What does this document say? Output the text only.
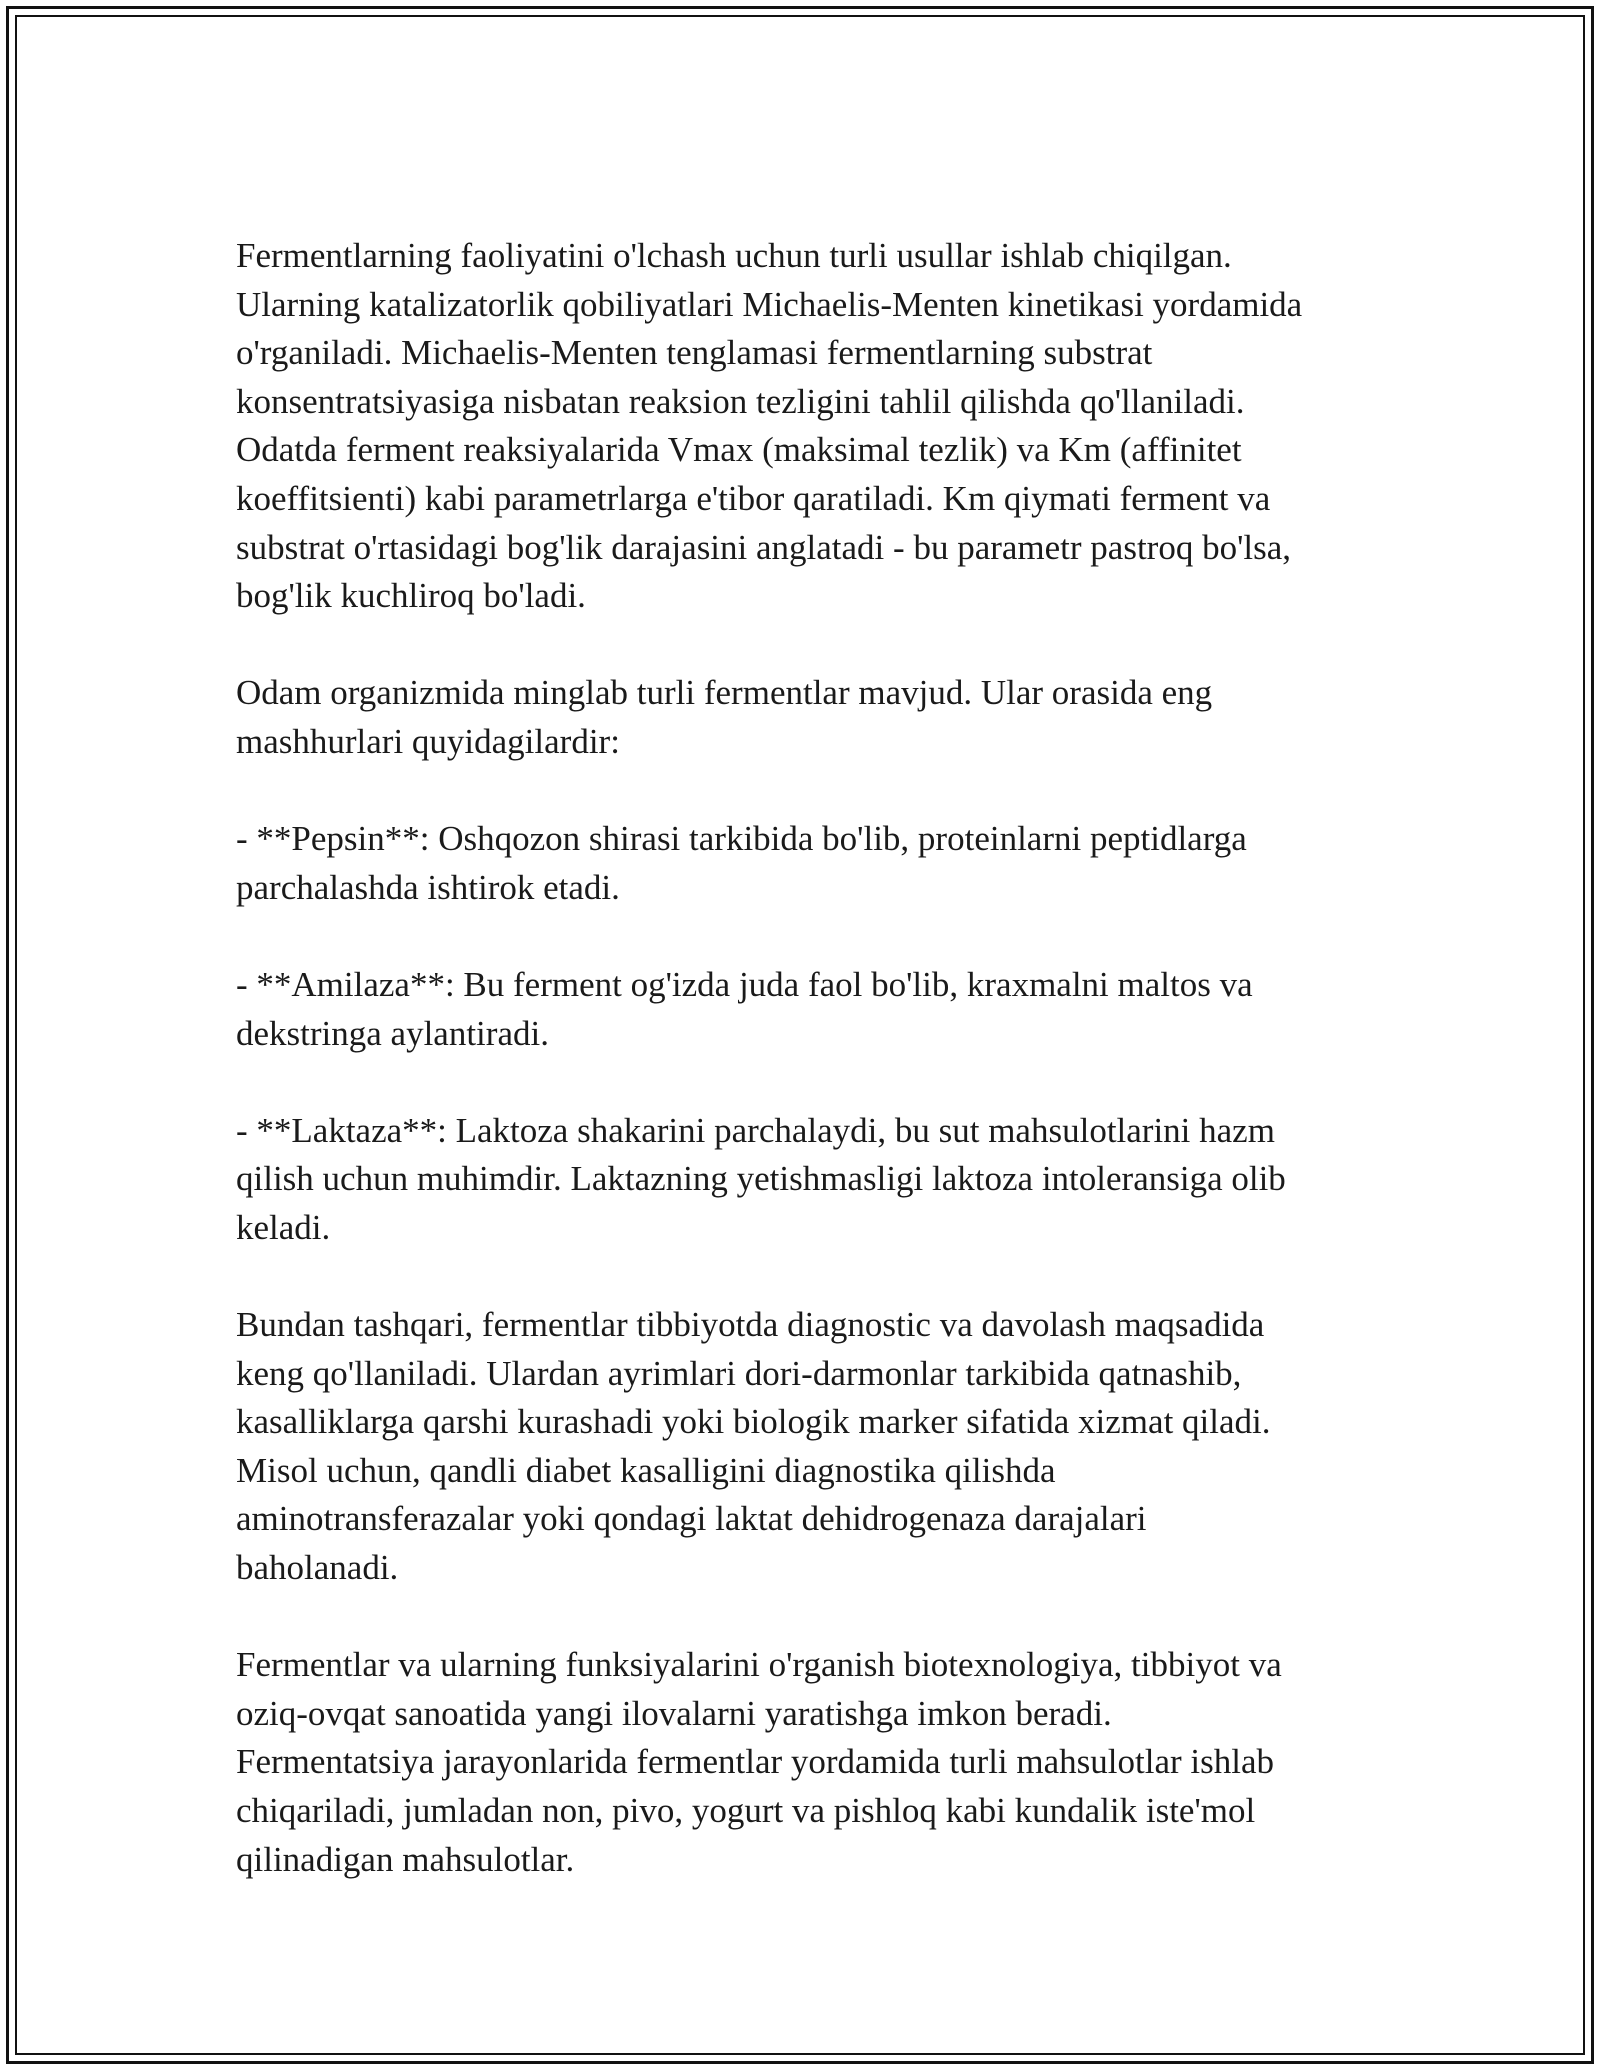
Fermentlarning faoliyatini o'lchash uchun turli usullar ishlab chiqilgan.
Ularning katalizatorlik qobiliyatlari Michaelis-Menten kinetikasi yordamida
o'rganiladi. Michaelis-Menten tenglamasi fermentlarning substrat
konsentratsiyasiga nisbatan reaksion tezligini tahlil qilishda qo'llaniladi.
Odatda ferment reaksiyalarida Vmax (maksimal tezlik) va Km (affinitet
koeffitsienti) kabi parametrlarga e'tibor qaratiladi. Km qiymati ferment va
substrat o'rtasidagi bog'lik darajasini anglatadi - bu parametr pastroq bo'lsa,
bog'lik kuchliroq bo'ladi.

Odam organizmida minglab turli fermentlar mavjud. Ular orasida eng
mashhurlari quyidagilardir:

- **Pepsin**: Oshqozon shirasi tarkibida bo'lib, proteinlarni peptidlarga
parchalashda ishtirok etadi.

- **Amilaza**: Bu ferment og'izda juda faol bo'lib, kraxmalni maltos va
dekstringa aylantiradi.

- **Laktaza**: Laktoza shakarini parchalaydi, bu sut mahsulotlarini hazm
qilish uchun muhimdir. Laktazning yetishmasligi laktoza intoleransiga olib
keladi.

Bundan tashqari, fermentlar tibbiyotda diagnostic va davolash maqsadida
keng qo'llaniladi. Ulardan ayrimlari dori-darmonlar tarkibida qatnashib,
kasalliklarga qarshi kurashadi yoki biologik marker sifatida xizmat qiladi.
Misol uchun, qandli diabet kasalligini diagnostika qilishda
aminotransferazalar yoki qondagi laktat dehidrogenaza darajalari
baholanadi.

Fermentlar va ularning funksiyalarini o'rganish biotexnologiya, tibbiyot va
oziq-ovqat sanoatida yangi ilovalarni yaratishga imkon beradi.
Fermentatsiya jarayonlarida fermentlar yordamida turli mahsulotlar ishlab
chiqariladi, jumladan non, pivo, yogurt va pishloq kabi kundalik iste'mol
qilinadigan mahsulotlar.
